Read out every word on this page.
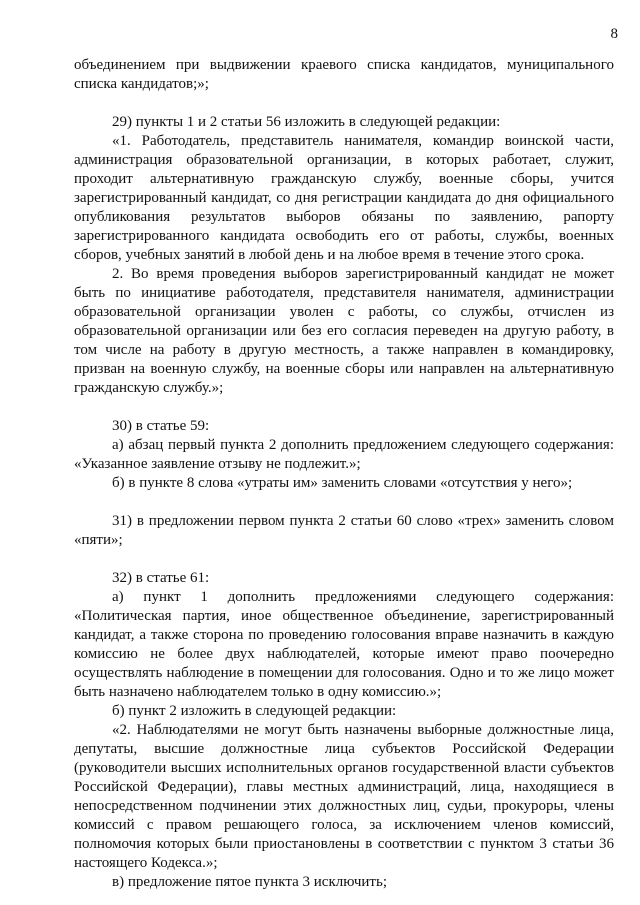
8

объединением при выдвижении краевого списка кандидатов, муниципального списка кандидатов;»;

29) пункты 1 и 2 статьи 56 изложить в следующей редакции:

«1. Работодатель, представитель нанимателя, командир воинской части, администрация образовательной организации, в которых работает, служит, проходит альтернативную гражданскую службу, военные сборы, учится зарегистрированный кандидат, со дня регистрации кандидата до дня официального опубликования результатов выборов обязаны по заявлению, рапорту зарегистрированного кандидата освободить его от работы, службы, военных сборов, учебных занятий в любой день и на любое время в течение этого срока.

2. Во время проведения выборов зарегистрированный кандидат не может быть по инициативе работодателя, представителя нанимателя, администрации образовательной организации уволен с работы, со службы, отчислен из образовательной организации или без его согласия переведен на другую работу, в том числе на работу в другую местность, а также направлен в командировку, призван на военную службу, на военные сборы или направлен на альтернативную гражданскую службу.»;

30) в статье 59:

а) абзац первый пункта 2 дополнить предложением следующего содержания: «Указанное заявление отзыву не подлежит.»;

б) в пункте 8 слова «утраты им» заменить словами «отсутствия у него»;

31) в предложении первом пункта 2 статьи 60 слово «трех» заменить словом «пяти»;

32) в статье 61:

а) пункт 1 дополнить предложениями следующего содержания: «Политическая партия, иное общественное объединение, зарегистрированный кандидат, а также сторона по проведению голосования вправе назначить в каждую комиссию не более двух наблюдателей, которые имеют право поочередно осуществлять наблюдение в помещении для голосования. Одно и то же лицо может быть назначено наблюдателем только в одну комиссию.»;

б) пункт 2 изложить в следующей редакции:

«2. Наблюдателями не могут быть назначены выборные должностные лица, депутаты, высшие должностные лица субъектов Российской Федерации (руководители высших исполнительных органов государственной власти субъектов Российской Федерации), главы местных администраций, лица, находящиеся в непосредственном подчинении этих должностных лиц, судьи, прокуроры, члены комиссий с правом решающего голоса, за исключением членов комиссий, полномочия которых были приостановлены в соответствии с пунктом 3 статьи 36 настоящего Кодекса.»;

в) предложение пятое пункта 3 исключить;
